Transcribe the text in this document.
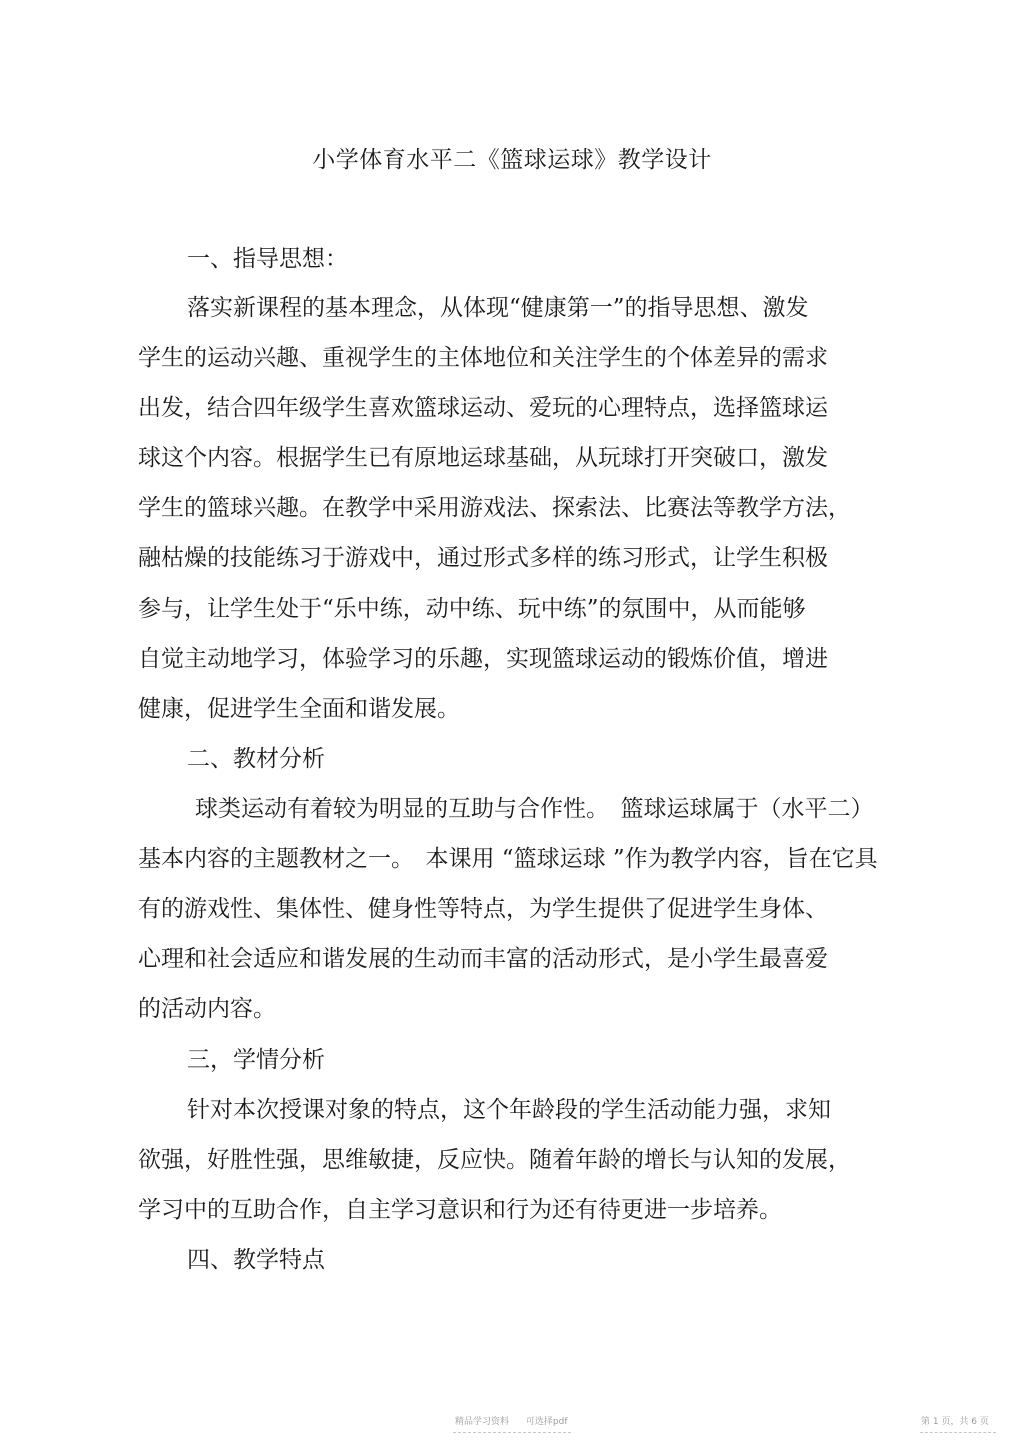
小学体育水平二《篮球运球》教学设计
一、指导思想：
落实新课程的基本理念，从体现“健康第一”的指导思想、激发
学生的运动兴趣、重视学生的主体地位和关注学生的个体差异的需求
出发，结合四年级学生喜欢篮球运动、爱玩的心理特点，选择篮球运
球这个内容。根据学生已有原地运球基础，从玩球打开突破口，激发
学生的篮球兴趣。在教学中采用游戏法、探索法、比赛法等教学方法，
融枯燥的技能练习于游戏中，通过形式多样的练习形式，让学生积极
参与，让学生处于“乐中练，动中练、玩中练”的氛围中，从而能够
自觉主动地学习，体验学习的乐趣，实现篮球运动的锻炼价值，增进
健康，促进学生全面和谐发展。
二、教材分析
球类运动有着较为明显的互助与合作性。　篮球运球属于（水平二）
基本内容的主题教材之一。　本课用 “篮球运球 ”作为教学内容，旨在它具
有的游戏性、集体性、健身性等特点，为学生提供了促进学生身体、
心理和社会适应和谐发展的生动而丰富的活动形式，是小学生最喜爱
的活动内容。
三，学情分析
针对本次授课对象的特点，这个年龄段的学生活动能力强，求知
欲强，好胜性强，思维敏捷，反应快。随着年龄的增长与认知的发展，
学习中的互助合作，自主学习意识和行为还有待更进一步培养。
四、教学特点
精品学习资料 可选择pdf	第 1 页，共 6 页
